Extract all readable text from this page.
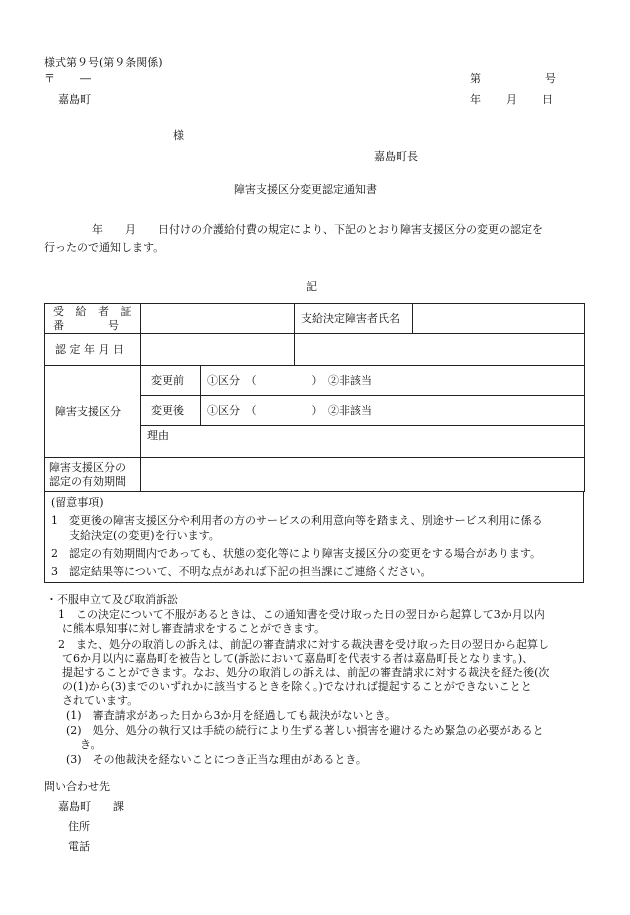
様式第９号(第９条関係)
〒 ―
嘉島町
第	号
年 月 日
様
嘉島町長
障害支援区分変更認定通知書
年　　月　　日付けの介護給付費の規定により、下記のとおり障害支援区分の変更の認定を
行ったので通知します。
記
受 給 者 証
番　　　　号			支給決定障害者氏名	
認 定 年 月 日				
障害支援区分	変更前	①区分　（　　　　　）　②非該当		
	変更後	①区分　（　　　　　）　②非該当		
	理由			

障害支援区分の
認定の有効期間				

(留意事項)
1　変更後の障害支援区分や利用者の方のサービスの利用意向等を踏まえ、別途サービス利用に係る
支給決定(の変更)を行います。
2　認定の有効期間内であっても、状態の変化等により障害支援区分の変更をする場合があります。
3　認定結果等について、不明な点があれば下記の担当課にご連絡ください。
・不服申立て及び取消訴訟
1　この決定について不服があるときは、この通知書を受け取った日の翌日から起算して3か月以内
に熊本県知事に対し審査請求をすることができます。
2　また、処分の取消しの訴えは、前記の審査請求に対する裁決書を受け取った日の翌日から起算し
て6か月以内に嘉島町を被告として(訴訟において嘉島町を代表する者は嘉島町長となります。)、
提起することができます。なお、処分の取消しの訴えは、前記の審査請求に対する裁決を経た後(次
の(1)から(3)までのいずれかに該当するときを除く。)でなければ提起することができないことと
されています。
(1)　審査請求があった日から3か月を経過しても裁決がないとき。
(2)　処分、処分の執行又は手続の続行により生ずる著しい損害を避けるため緊急の必要があると
き。
(3)　その他裁決を経ないことにつき正当な理由があるとき。
問い合わせ先
嘉島町　　課
住所
電話
